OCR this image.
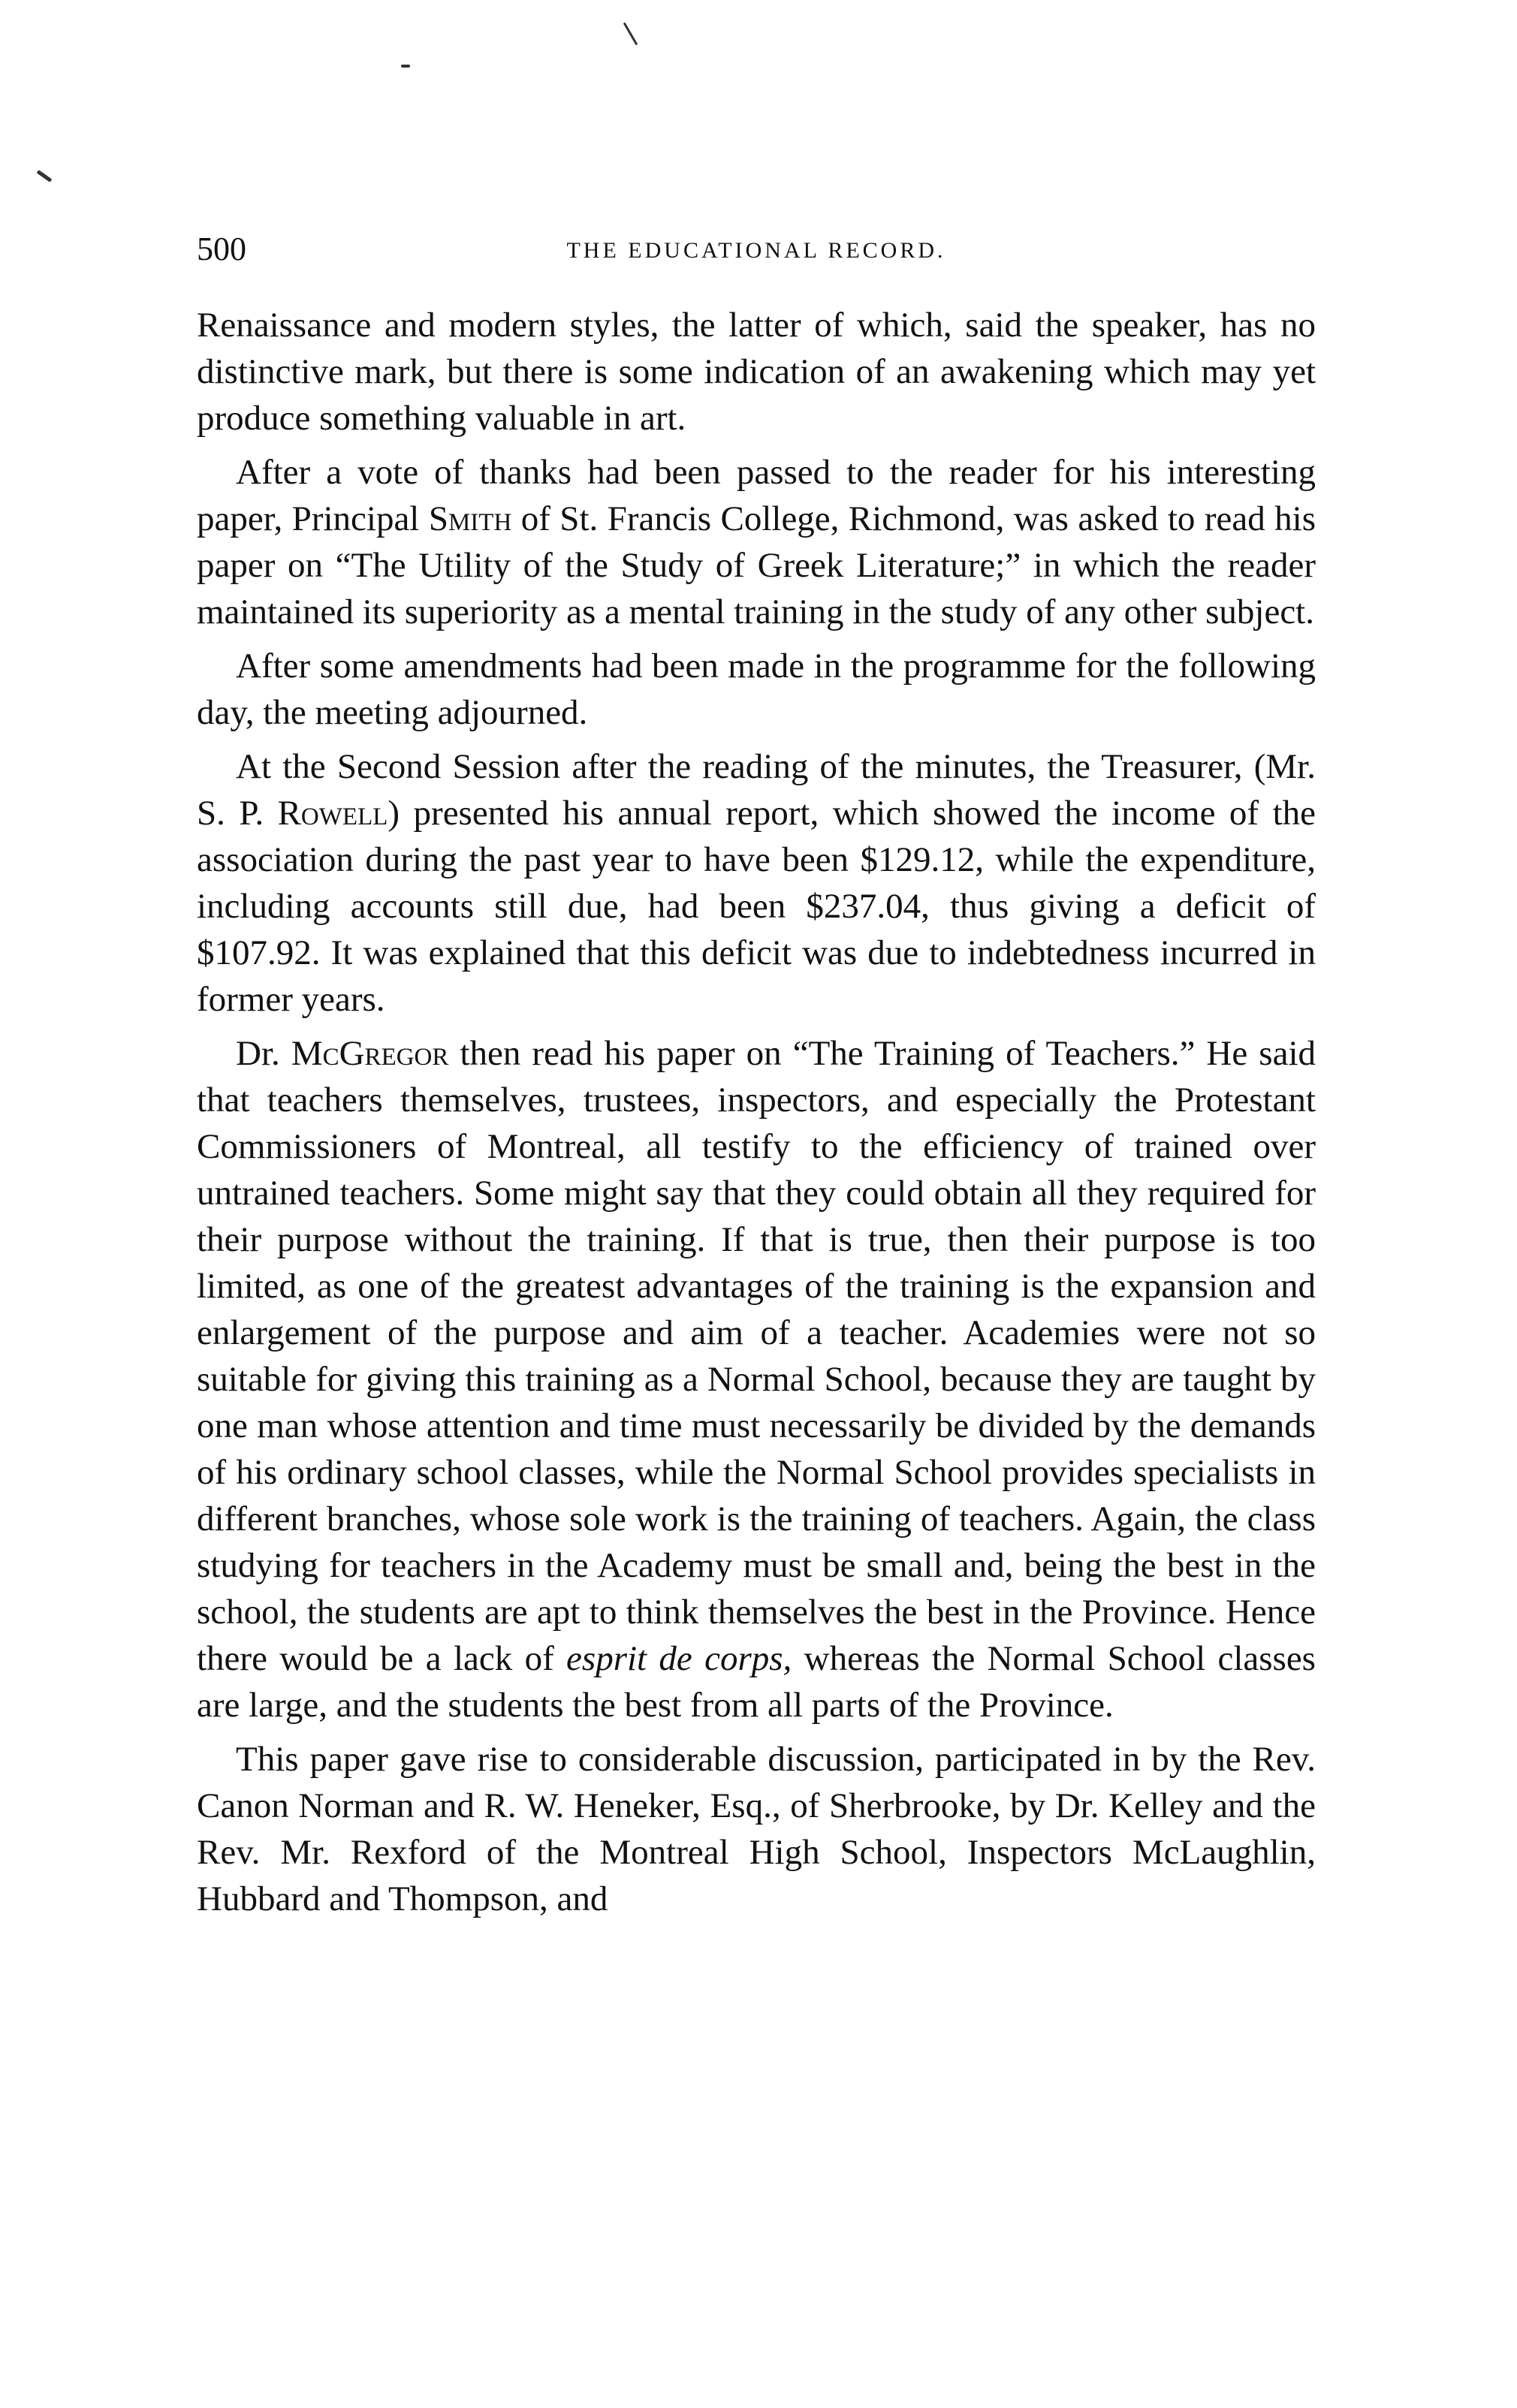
500	THE EDUCATIONAL RECORD.

Renaissance and modern styles, the latter of which, said the speaker, has no distinctive mark, but there is some indication of an awakening which may yet produce something valuable in art.

After a vote of thanks had been passed to the reader for his interesting paper, Principal Smith of St. Francis College, Richmond, was asked to read his paper on “The Utility of the Study of Greek Literature;” in which the reader maintained its superiority as a mental training in the study of any other subject.

After some amendments had been made in the programme for the following day, the meeting adjourned.

At the Second Session after the reading of the minutes, the Treasurer, (Mr. S. P. Rowell) presented his annual report, which showed the income of the association during the past year to have been $129.12, while the expenditure, including accounts still due, had been $237.04, thus giving a deficit of $107.92. It was explained that this deficit was due to indebtedness incurred in former years.

Dr. McGregor then read his paper on “The Training of Teachers.” He said that teachers themselves, trustees, inspectors, and especially the Protestant Commissioners of Montreal, all testify to the efficiency of trained over untrained teachers. Some might say that they could obtain all they required for their purpose without the training. If that is true, then their purpose is too limited, as one of the greatest advantages of the training is the expansion and enlargement of the purpose and aim of a teacher. Academies were not so suitable for giving this training as a Normal School, because they are taught by one man whose attention and time must necessarily be divided by the demands of his ordinary school classes, while the Normal School provides specialists in different branches, whose sole work is the training of teachers. Again, the class studying for teachers in the Academy must be small and, being the best in the school, the students are apt to think themselves the best in the Province. Hence there would be a lack of esprit de corps, whereas the Normal School classes are large, and the students the best from all parts of the Province.

This paper gave rise to considerable discussion, participated in by the Rev. Canon Norman and R. W. Heneker, Esq., of Sherbrooke, by Dr. Kelley and the Rev. Mr. Rexford of the Montreal High School, Inspectors McLaughlin, Hubbard and Thompson, and
